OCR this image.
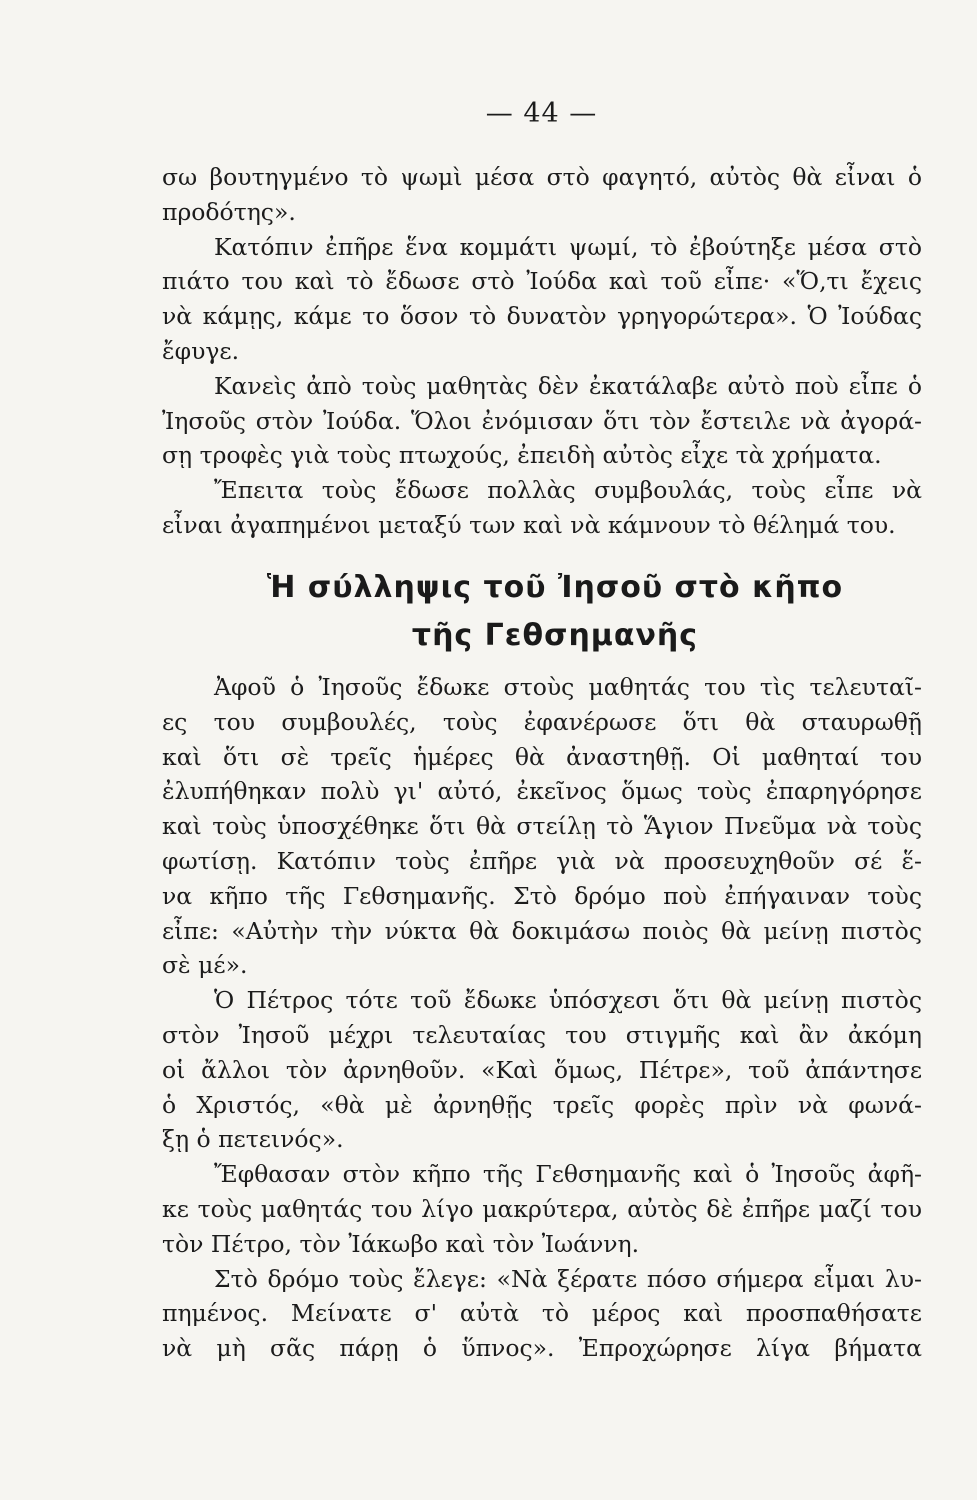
— 44 —
σω βουτηγμένο τὸ ψωμὶ μέσα στὸ φαγητό, αὐτὸς θὰ εἶναι ὁ
προδότης».
Κατόπιν ἐπῆρε ἕνα κομμάτι ψωμί, τὸ ἐβούτηξε μέσα στὸ
πιάτο του καὶ τὸ ἔδωσε στὸ Ἰούδα καὶ τοῦ εἶπε· «Ὅ,τι ἔχεις
νὰ κάμῃς, κάμε το ὅσον τὸ δυνατὸν γρηγορώτερα». Ὁ Ἰούδας
ἔφυγε.
Κανεὶς ἀπὸ τοὺς μαθητὰς δὲν ἐκατάλαβε αὐτὸ ποὺ εἶπε ὁ
Ἰησοῦς στὸν Ἰούδα. Ὅλοι ἐνόμισαν ὅτι τὸν ἔστειλε νὰ ἀγορά-
σῃ τροφὲς γιὰ τοὺς πτωχούς, ἐπειδὴ αὐτὸς εἶχε τὰ χρήματα.
Ἔπειτα τοὺς ἔδωσε πολλὰς συμβουλάς, τοὺς εἶπε νὰ
εἶναι ἀγαπημένοι μεταξύ των καὶ νὰ κάμνουν τὸ θέλημά του.
Ἡ σύλληψις τοῦ Ἰησοῦ στὸ κῆπο
τῆς Γεθσημανῆς
Ἀφοῦ ὁ Ἰησοῦς ἔδωκε στοὺς μαθητάς του τὶς τελευταῖ-
ες του συμβουλές, τοὺς ἐφανέρωσε ὅτι θὰ σταυρωθῇ
καὶ ὅτι σὲ τρεῖς ἡμέρες θὰ ἀναστηθῇ. Οἱ μαθηταί του
ἐλυπήθηκαν πολὺ γι' αὐτό, ἐκεῖνος ὅμως τοὺς ἐπαρηγόρησε
καὶ τοὺς ὑποσχέθηκε ὅτι θὰ στείλῃ τὸ Ἅγιον Πνεῦμα νὰ τοὺς
φωτίσῃ. Κατόπιν τοὺς ἐπῆρε γιὰ νὰ προσευχηθοῦν σέ ἕ-
να κῆπο τῆς Γεθσημανῆς. Στὸ δρόμο ποὺ ἐπήγαιναν τοὺς
εἶπε: «Αὐτὴν τὴν νύκτα θὰ δοκιμάσω ποιὸς θὰ μείνῃ πιστὸς
σὲ μέ».
Ὁ Πέτρος τότε τοῦ ἔδωκε ὑπόσχεσι ὅτι θὰ μείνῃ πιστὸς
στὸν Ἰησοῦ μέχρι τελευταίας του στιγμῆς καὶ ἂν ἀκόμη
οἱ ἄλλοι τὸν ἀρνηθοῦν. «Καὶ ὅμως, Πέτρε», τοῦ ἀπάντησε
ὁ Χριστός, «θὰ μὲ ἀρνηθῇς τρεῖς φορὲς πρὶν νὰ φωνά-
ξῃ ὁ πετεινός».
Ἔφθασαν στὸν κῆπο τῆς Γεθσημανῆς καὶ ὁ Ἰησοῦς ἀφῆ-
κε τοὺς μαθητάς του λίγο μακρύτερα, αὐτὸς δὲ ἐπῆρε μαζί του
τὸν Πέτρο, τὸν Ἰάκωβο καὶ τὸν Ἰωάννη.
Στὸ δρόμο τοὺς ἔλεγε: «Νὰ ξέρατε πόσο σήμερα εἶμαι λυ-
πημένος. Μείνατε σ' αὐτὰ τὸ μέρος καὶ προσπαθήσατε
νὰ μὴ σᾶς πάρῃ ὁ ὕπνος». Ἐπροχώρησε λίγα βήματα
